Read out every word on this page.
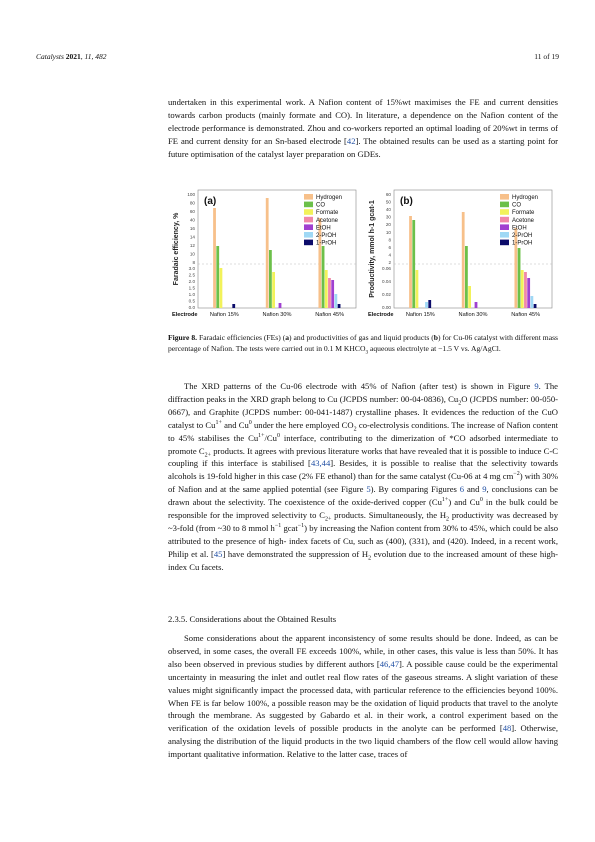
Catalysts 2021, 11, 482	11 of 19

undertaken in this experimental work. A Nafion content of 15%wt maximises the FE and current densities towards carbon products (mainly formate and CO). In literature, a dependence on the Nafion content of the electrode performance is demonstrated. Zhou and co-workers reported an optimal loading of 20%wt in terms of FE and current density for an Sn-based electrode [42]. The obtained results can be used as a starting point for future optimisation of the catalyst layer preparation on GDEs.

100
80
60
40
16
14
12
10
8
3.0
2.5
2.0
1.5
1.0
0.5
0.0
Faradaic efficiency, %
(a)
Electrode Nafion 15%	Nafion 30%	Nafion 45%
Hydrogen
CO
Formate
Acetone
EtOH
2-PrOH
1-PrOH
60
50
40
30
20
10
8
6
4
2
0.06
0.04
0.02
0.00
Productivity, mmol h-1 gcat-1 (b)
Electrode Nafion 15%	Nafion 30%	Nafion 45%
Hydrogen
CO
Formate
Acetone
EtOH
2-PrOH
1-PrOH

Figure 8. Faradaic efficiencies (FEs) (a) and productivities of gas and liquid products (b) for Cu-06 catalyst with different mass percentage of Nafion. The tests were carried out in 0.1 M $KHCO_3$ aqueous electrolyte at −1.5 V vs. Ag/AgCl.

The XRD patterns of the Cu-06 electrode with 45% of Nafion (after test) is shown in Figure 9. The diffraction peaks in the XRD graph belong to Cu (JCPDS number: 00-04-0836), $Cu_2O$ (JCPDS number: 00-050-0667), and Graphite (JCPDS number: 00-041-1487) crystalline phases. It evidences the reduction of the CuO catalyst to $Cu^{1+}$ and Cu$^0$ under the here employed $CO_2$ co-electrolysis conditions. The increase of Nafion content to 45% stabilises the $Cu^{1+}/Cu^0$ interface, contributing to the dimerization of *CO adsorbed intermediate to promote $C_{2+}$ products. It agrees with previous literature works that have revealed that it is possible to induce C-C coupling if this interface is stabilised [43,44]. Besides, it is possible to realise that the selectivity towards alcohols is 19-fold higher in this case (2% FE ethanol) than for the same catalyst (Cu-06 at 4 mg $cm^{-2}$) with 30% of Nafion and at the same applied potential (see Figure 5). By comparing Figures 6 and 9, conclusions can be drawn about the selectivity. The coexistence of the oxide-derived copper $(Cu^{1+})$ and Cu$^0$ in the bulk could be responsible for the improved selectivity to $C_{2+}$ products. Simultaneously, the $H_2$ productivity was decreased by ~3-fold (from ~30 to 8 mmol $h^{-1}$ gcat$^{-1}$) by increasing the Nafion content from 30% to 45%, which could be also attributed to the presence of high- index facets of Cu, such as (400), (331), and (420). Indeed, in a recent work, Philip et al. [45] have demonstrated the suppression of $H_2$ evolution due to the increased amount of these high-index Cu facets.

2.3.5. Considerations about the Obtained Results

Some considerations about the apparent inconsistency of some results should be done. Indeed, as can be observed, in some cases, the overall FE exceeds 100%, while, in other cases, this value is less than 50%. It has also been observed in previous studies by different authors [46,47]. A possible cause could be the experimental uncertainty in measuring the inlet and outlet real flow rates of the gaseous streams. A slight variation of these values might significantly impact the processed data, with particular reference to the efficiencies beyond 100%. When FE is far below 100%, a possible reason may be the oxidation of liquid products that travel to the anolyte through the membrane. As suggested by Gabardo et al. in their work, a control experiment based on the verification of the oxidation levels of possible products in the anolyte can be performed [48]. Otherwise, analysing the distribution of the liquid products in the two liquid chambers of the flow cell would allow having important qualitative information. Relative to the latter case, traces of
